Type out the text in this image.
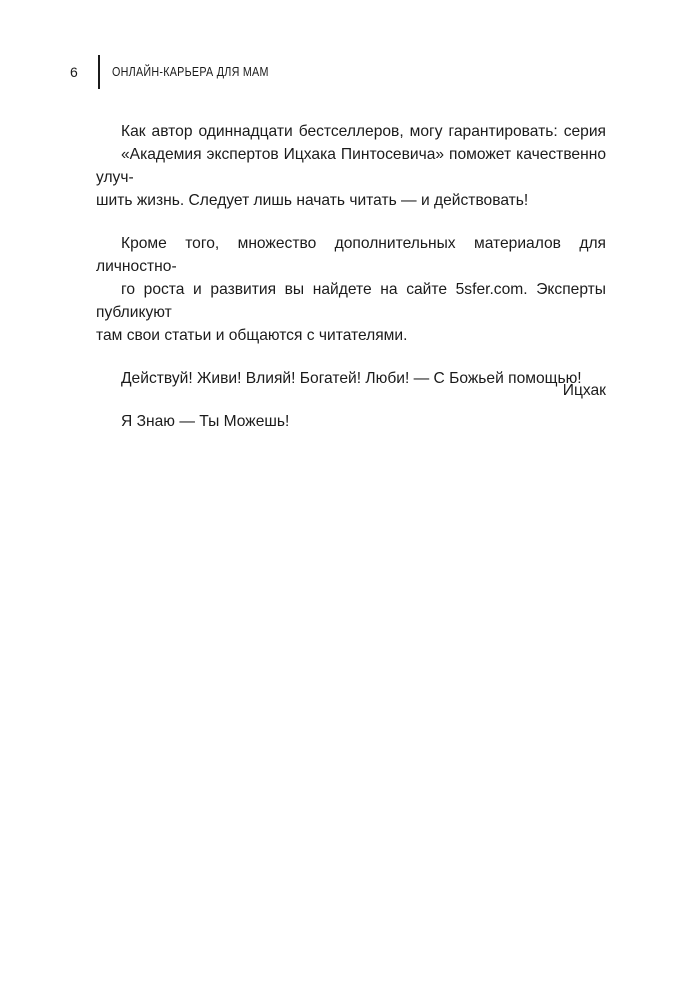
6	ОНЛАЙН-КАРЬЕРА ДЛЯ МАМ

Как автор одиннадцати бестселлеров, могу гарантировать: серия
«Академия экспертов Ицхака Пинтосевича» поможет качественно улуч-
шить жизнь. Следует лишь начать читать — и действовать!

Кроме того, множество дополнительных материалов для личностно-
го роста и развития вы найдете на сайте 5sfer.com. Эксперты публикуют
там свои статьи и общаются с читателями.

Действуй! Живи! Влияй! Богатей! Люби! — С Божьей помощью!

Я Знаю — Ты Можешь!

Ицхак
